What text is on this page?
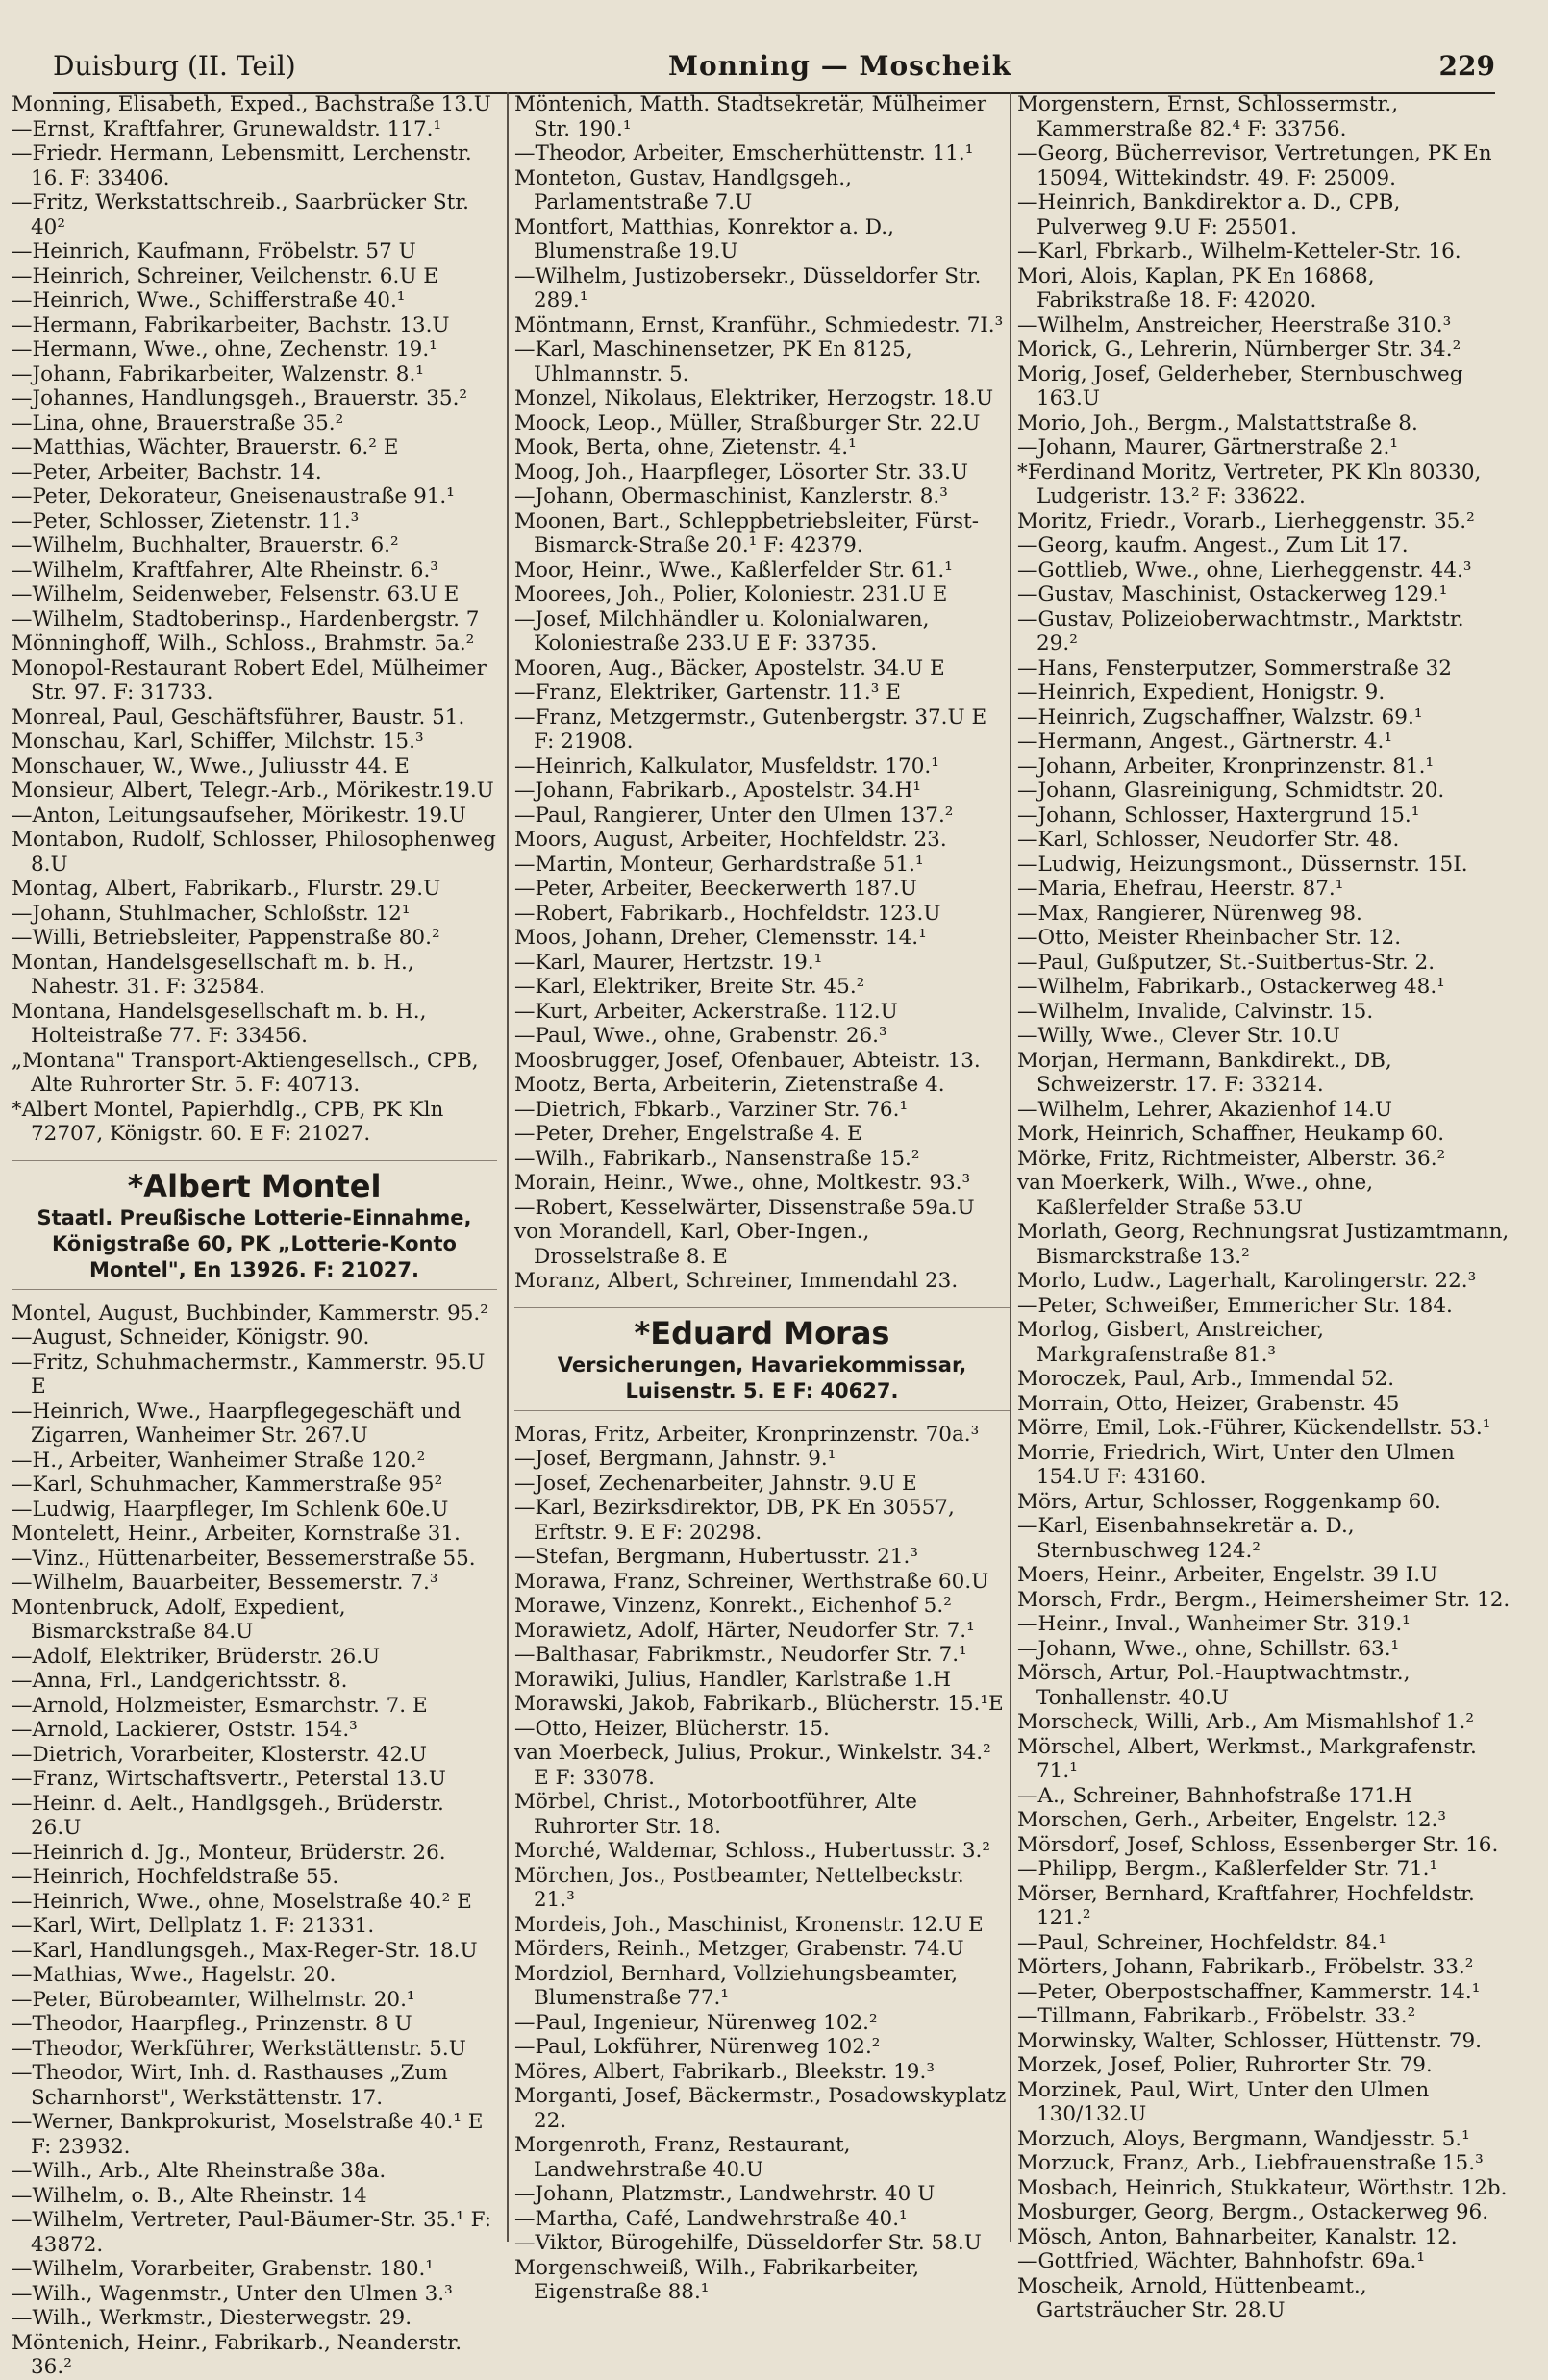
Duisburg (II. Teil)	Monning — Moscheik	229

Monning, Elisabeth, Exped., Bachstraße 13.U

—Ernst, Kraftfahrer, Grunewaldstr. 117.¹

—Friedr. Hermann, Lebensmitt, Lerchenstr. 16. F: 33406.

—Fritz, Werkstattschreib., Saarbrücker Str. 40²

—Heinrich, Kaufmann, Fröbelstr. 57 U

—Heinrich, Schreiner, Veilchenstr. 6.U E

—Heinrich, Wwe., Schifferstraße 40.¹

—Hermann, Fabrikarbeiter, Bachstr. 13.U

—Hermann, Wwe., ohne, Zechenstr. 19.¹

—Johann, Fabrikarbeiter, Walzenstr. 8.¹

—Johannes, Handlungsgeh., Brauerstr. 35.²

—Lina, ohne, Brauerstraße 35.²

—Matthias, Wächter, Brauerstr. 6.² E

—Peter, Arbeiter, Bachstr. 14.

—Peter, Dekorateur, Gneisenaustraße 91.¹

—Peter, Schlosser, Zietenstr. 11.³

—Wilhelm, Buchhalter, Brauerstr. 6.²

—Wilhelm, Kraftfahrer, Alte Rheinstr. 6.³

—Wilhelm, Seidenweber, Felsenstr. 63.U E

—Wilhelm, Stadtoberinsp., Hardenbergstr. 7

Mönninghoff, Wilh., Schloss., Brahmstr. 5a.²

Monopol-Restaurant Robert Edel, Mülheimer Str. 97. F: 31733.

Monreal, Paul, Geschäftsführer, Baustr. 51.

Monschau, Karl, Schiffer, Milchstr. 15.³

Monschauer, W., Wwe., Juliusstr 44. E

Monsieur, Albert, Telegr.-Arb., Mörikestr.19.U

—Anton, Leitungsaufseher, Mörikestr. 19.U

Montabon, Rudolf, Schlosser, Philosophenweg 8.U

Montag, Albert, Fabrikarb., Flurstr. 29.U

—Johann, Stuhlmacher, Schloßstr. 12¹

—Willi, Betriebsleiter, Pappenstraße 80.²

Montan, Handelsgesellschaft m. b. H., Nahestr. 31. F: 32584.

Montana, Handelsgesellschaft m. b. H., Holteistraße 77. F: 33456.

„Montana" Transport-Aktiengesellsch., CPB, Alte Ruhrorter Str. 5. F: 40713.

*Albert Montel, Papierhdlg., CPB, PK Kln 72707, Königstr. 60. E F: 21027.

*Albert Montel
Staatl. Preußische Lotterie-Einnahme,
Königstraße 60, PK „Lotterie-Konto
Montel", En 13926. F: 21027.

Montel, August, Buchbinder, Kammerstr. 95.²

—August, Schneider, Königstr. 90.

—Fritz, Schuhmachermstr., Kammerstr. 95.U E

—Heinrich, Wwe., Haarpflegegeschäft und Zigarren, Wanheimer Str. 267.U

—H., Arbeiter, Wanheimer Straße 120.²

—Karl, Schuhmacher, Kammerstraße 95²

—Ludwig, Haarpfleger, Im Schlenk 60e.U

Montelett, Heinr., Arbeiter, Kornstraße 31.

—Vinz., Hüttenarbeiter, Bessemerstraße 55.

—Wilhelm, Bauarbeiter, Bessemerstr. 7.³

Montenbruck, Adolf, Expedient, Bismarckstraße 84.U

—Adolf, Elektriker, Brüderstr. 26.U

—Anna, Frl., Landgerichtsstr. 8.

—Arnold, Holzmeister, Esmarchstr. 7. E

—Arnold, Lackierer, Oststr. 154.³

—Dietrich, Vorarbeiter, Klosterstr. 42.U

—Franz, Wirtschaftsvertr., Peterstal 13.U

—Heinr. d. Aelt., Handlgsgeh., Brüderstr. 26.U

—Heinrich d. Jg., Monteur, Brüderstr. 26.

—Heinrich, Hochfeldstraße 55.

—Heinrich, Wwe., ohne, Moselstraße 40.² E

—Karl, Wirt, Dellplatz 1. F: 21331.

—Karl, Handlungsgeh., Max-Reger-Str. 18.U

—Mathias, Wwe., Hagelstr. 20.

—Peter, Bürobeamter, Wilhelmstr. 20.¹

—Theodor, Haarpfleg., Prinzenstr. 8 U

—Theodor, Werkführer, Werkstättenstr. 5.U

—Theodor, Wirt, Inh. d. Rasthauses „Zum Scharnhorst", Werkstättenstr. 17.

—Werner, Bankprokurist, Moselstraße 40.¹ E F: 23932.

—Wilh., Arb., Alte Rheinstraße 38a.

—Wilhelm, o. B., Alte Rheinstr. 14

—Wilhelm, Vertreter, Paul-Bäumer-Str. 35.¹ F: 43872.

—Wilhelm, Vorarbeiter, Grabenstr. 180.¹

—Wilh., Wagenmstr., Unter den Ulmen 3.³

—Wilh., Werkmstr., Diesterwegstr. 29.

Möntenich, Heinr., Fabrikarb., Neanderstr. 36.²

Möntenich, Matth. Stadtsekretär, Mülheimer Str. 190.¹

—Theodor, Arbeiter, Emscherhüttenstr. 11.¹

Monteton, Gustav, Handlgsgeh., Parlamentstraße 7.U

Montfort, Matthias, Konrektor a. D., Blumenstraße 19.U

—Wilhelm, Justizobersekr., Düsseldorfer Str. 289.¹

Möntmann, Ernst, Kranführ., Schmiedestr. 7I.³

—Karl, Maschinensetzer, PK En 8125, Uhlmannstr. 5.

Monzel, Nikolaus, Elektriker, Herzogstr. 18.U

Moock, Leop., Müller, Straßburger Str. 22.U

Mook, Berta, ohne, Zietenstr. 4.¹

Moog, Joh., Haarpfleger, Lösorter Str. 33.U

—Johann, Obermaschinist, Kanzlerstr. 8.³

Moonen, Bart., Schleppbetriebsleiter, Fürst-Bismarck-Straße 20.¹ F: 42379.

Moor, Heinr., Wwe., Kaßlerfelder Str. 61.¹

Moorees, Joh., Polier, Koloniestr. 231.U E

—Josef, Milchhändler u. Kolonialwaren, Koloniestraße 233.U E F: 33735.

Mooren, Aug., Bäcker, Apostelstr. 34.U E

—Franz, Elektriker, Gartenstr. 11.³ E

—Franz, Metzgermstr., Gutenbergstr. 37.U E F: 21908.

—Heinrich, Kalkulator, Musfeldstr. 170.¹

—Johann, Fabrikarb., Apostelstr. 34.H¹

—Paul, Rangierer, Unter den Ulmen 137.²

Moors, August, Arbeiter, Hochfeldstr. 23.

—Martin, Monteur, Gerhardstraße 51.¹

—Peter, Arbeiter, Beeckerwerth 187.U

—Robert, Fabrikarb., Hochfeldstr. 123.U

Moos, Johann, Dreher, Clemensstr. 14.¹

—Karl, Maurer, Hertzstr. 19.¹

—Karl, Elektriker, Breite Str. 45.²

—Kurt, Arbeiter, Ackerstraße. 112.U

—Paul, Wwe., ohne, Grabenstr. 26.³

Moosbrugger, Josef, Ofenbauer, Abteistr. 13.

Mootz, Berta, Arbeiterin, Zietenstraße 4.

—Dietrich, Fbkarb., Varziner Str. 76.¹

—Peter, Dreher, Engelstraße 4. E

—Wilh., Fabrikarb., Nansenstraße 15.²

Morain, Heinr., Wwe., ohne, Moltkestr. 93.³

—Robert, Kesselwärter, Dissenstraße 59a.U

von Morandell, Karl, Ober-Ingen., Drosselstraße 8. E

Moranz, Albert, Schreiner, Immendahl 23.

*Eduard Moras
Versicherungen, Havariekommissar,
Luisenstr. 5. E F: 40627.

Moras, Fritz, Arbeiter, Kronprinzenstr. 70a.³

—Josef, Bergmann, Jahnstr. 9.¹

—Josef, Zechenarbeiter, Jahnstr. 9.U E

—Karl, Bezirksdirektor, DB, PK En 30557, Erftstr. 9. E F: 20298.

—Stefan, Bergmann, Hubertusstr. 21.³

Morawa, Franz, Schreiner, Werthstraße 60.U

Morawe, Vinzenz, Konrekt., Eichenhof 5.²

Morawietz, Adolf, Härter, Neudorfer Str. 7.¹

—Balthasar, Fabrikmstr., Neudorfer Str. 7.¹

Morawiki, Julius, Handler, Karlstraße 1.H

Morawski, Jakob, Fabrikarb., Blücherstr. 15.¹E

—Otto, Heizer, Blücherstr. 15.

van Moerbeck, Julius, Prokur., Winkelstr. 34.² E F: 33078.

Mörbel, Christ., Motorbootführer, Alte Ruhrorter Str. 18.

Morché, Waldemar, Schloss., Hubertusstr. 3.²

Mörchen, Jos., Postbeamter, Nettelbeckstr. 21.³

Mordeis, Joh., Maschinist, Kronenstr. 12.U E

Mörders, Reinh., Metzger, Grabenstr. 74.U

Mordziol, Bernhard, Vollziehungsbeamter, Blumenstraße 77.¹

—Paul, Ingenieur, Nürenweg 102.²

—Paul, Lokführer, Nürenweg 102.²

Möres, Albert, Fabrikarb., Bleekstr. 19.³

Morganti, Josef, Bäckermstr., Posadowskyplatz 22.

Morgenroth, Franz, Restaurant, Landwehrstraße 40.U

—Johann, Platzmstr., Landwehrstr. 40 U

—Martha, Café, Landwehrstraße 40.¹

—Viktor, Bürogehilfe, Düsseldorfer Str. 58.U

Morgenschweiß, Wilh., Fabrikarbeiter, Eigenstraße 88.¹

Morgenstern, Ernst, Schlossermstr., Kammerstraße 82.⁴ F: 33756.

—Georg, Bücherrevisor, Vertretungen, PK En 15094, Wittekindstr. 49. F: 25009.

—Heinrich, Bankdirektor a. D., CPB, Pulverweg 9.U F: 25501.

—Karl, Fbrkarb., Wilhelm-Ketteler-Str. 16.

Mori, Alois, Kaplan, PK En 16868, Fabrikstraße 18. F: 42020.

—Wilhelm, Anstreicher, Heerstraße 310.³

Morick, G., Lehrerin, Nürnberger Str. 34.²

Morig, Josef, Gelderheber, Sternbuschweg 163.U

Morio, Joh., Bergm., Malstattstraße 8.

—Johann, Maurer, Gärtnerstraße 2.¹

*Ferdinand Moritz, Vertreter, PK Kln 80330, Ludgeristr. 13.² F: 33622.

Moritz, Friedr., Vorarb., Lierheggenstr. 35.²

—Georg, kaufm. Angest., Zum Lit 17.

—Gottlieb, Wwe., ohne, Lierheggenstr. 44.³

—Gustav, Maschinist, Ostackerweg 129.¹

—Gustav, Polizeioberwachtmstr., Marktstr. 29.²

—Hans, Fensterputzer, Sommerstraße 32

—Heinrich, Expedient, Honigstr. 9.

—Heinrich, Zugschaffner, Walzstr. 69.¹

—Hermann, Angest., Gärtnerstr. 4.¹

—Johann, Arbeiter, Kronprinzenstr. 81.¹

—Johann, Glasreinigung, Schmidtstr. 20.

—Johann, Schlosser, Haxtergrund 15.¹

—Karl, Schlosser, Neudorfer Str. 48.

—Ludwig, Heizungsmont., Düssernstr. 15I.

—Maria, Ehefrau, Heerstr. 87.¹

—Max, Rangierer, Nürenweg 98.

—Otto, Meister Rheinbacher Str. 12.

—Paul, Gußputzer, St.-Suitbertus-Str. 2.

—Wilhelm, Fabrikarb., Ostackerweg 48.¹

—Wilhelm, Invalide, Calvinstr. 15.

—Willy, Wwe., Clever Str. 10.U

Morjan, Hermann, Bankdirekt., DB, Schweizerstr. 17. F: 33214.

—Wilhelm, Lehrer, Akazienhof 14.U

Mork, Heinrich, Schaffner, Heukamp 60.

Mörke, Fritz, Richtmeister, Alberstr. 36.²

van Moerkerk, Wilh., Wwe., ohne, Kaßlerfelder Straße 53.U

Morlath, Georg, Rechnungsrat Justizamtmann, Bismarckstraße 13.²

Morlo, Ludw., Lagerhalt, Karolingerstr. 22.³

—Peter, Schweißer, Emmericher Str. 184.

Morlog, Gisbert, Anstreicher, Markgrafenstraße 81.³

Moroczek, Paul, Arb., Immendal 52.

Morrain, Otto, Heizer, Grabenstr. 45

Mörre, Emil, Lok.-Führer, Kückendellstr. 53.¹

Morrie, Friedrich, Wirt, Unter den Ulmen 154.U F: 43160.

Mörs, Artur, Schlosser, Roggenkamp 60.

—Karl, Eisenbahnsekretär a. D., Sternbuschweg 124.²

Moers, Heinr., Arbeiter, Engelstr. 39 I.U

Morsch, Frdr., Bergm., Heimersheimer Str. 12.

—Heinr., Inval., Wanheimer Str. 319.¹

—Johann, Wwe., ohne, Schillstr. 63.¹

Mörsch, Artur, Pol.-Hauptwachtmstr., Tonhallenstr. 40.U

Morscheck, Willi, Arb., Am Mismahlshof 1.²

Mörschel, Albert, Werkmst., Markgrafenstr. 71.¹

—A., Schreiner, Bahnhofstraße 171.H

Morschen, Gerh., Arbeiter, Engelstr. 12.³

Mörsdorf, Josef, Schloss, Essenberger Str. 16.

—Philipp, Bergm., Kaßlerfelder Str. 71.¹

Mörser, Bernhard, Kraftfahrer, Hochfeldstr. 121.²

—Paul, Schreiner, Hochfeldstr. 84.¹

Mörters, Johann, Fabrikarb., Fröbelstr. 33.²

—Peter, Oberpostschaffner, Kammerstr. 14.¹

—Tillmann, Fabrikarb., Fröbelstr. 33.²

Morwinsky, Walter, Schlosser, Hüttenstr. 79.

Morzek, Josef, Polier, Ruhrorter Str. 79.

Morzinek, Paul, Wirt, Unter den Ulmen 130/132.U

Morzuch, Aloys, Bergmann, Wandjesstr. 5.¹

Morzuck, Franz, Arb., Liebfrauenstraße 15.³

Mosbach, Heinrich, Stukkateur, Wörthstr. 12b.

Mosburger, Georg, Bergm., Ostackerweg 96.

Mösch, Anton, Bahnarbeiter, Kanalstr. 12.

—Gottfried, Wächter, Bahnhofstr. 69a.¹

Moscheik, Arnold, Hüttenbeamt., Gartsträucher Str. 28.U
